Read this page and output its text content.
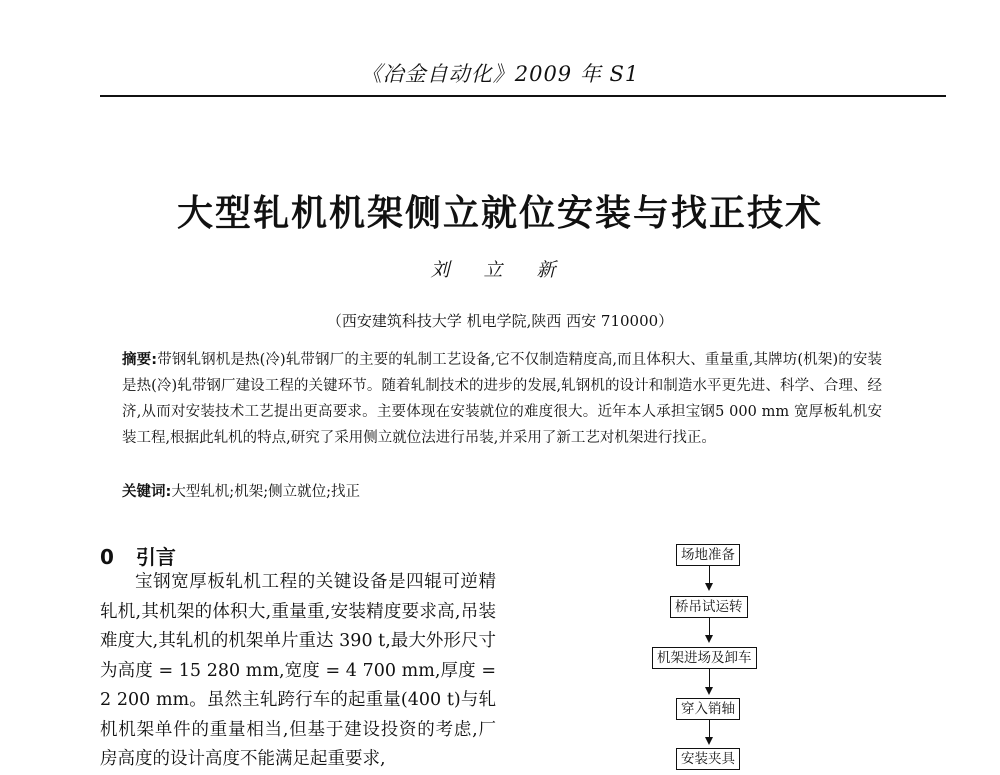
《冶金自动化》2009 年 S1
大型轧机机架侧立就位安装与找正技术
刘 立 新
（西安建筑科技大学 机电学院,陕西 西安 710000）
摘要:带钢轧钢机是热(冷)轧带钢厂的主要的轧制工艺设备,它不仅制造精度高,而且体积大、重量重,其牌坊(机架)的安装是热(冷)轧带钢厂建设工程的关键环节。随着轧制技术的进步的发展,轧钢机的设计和制造水平更先进、科学、合理、经济,从而对安装技术工艺提出更高要求。主要体现在安装就位的难度很大。近年本人承担宝钢5 000 mm 宽厚板轧机安装工程,根据此轧机的特点,研究了采用侧立就位法进行吊装,并采用了新工艺对机架进行找正。
关键词:大型轧机;机架;侧立就位;找正
0 引言

宝钢宽厚板轧机工程的关键设备是四辊可逆精轧机,其机架的体积大,重量重,安装精度要求高,吊装难度大,其轧机的机架单片重达 390 t,最大外形尺寸为高度 = 15 280 mm,宽度 = 4 700 mm,厚度 = 2 200 mm。虽然主轧跨行车的起重量(400 t)与轧机机架单件的重量相当,但基于建设投资的考虑,厂房高度的设计高度不能满足起重要求,

场地准备
桥吊试运转
机架进场及卸车
穿入销轴
安装夹具
